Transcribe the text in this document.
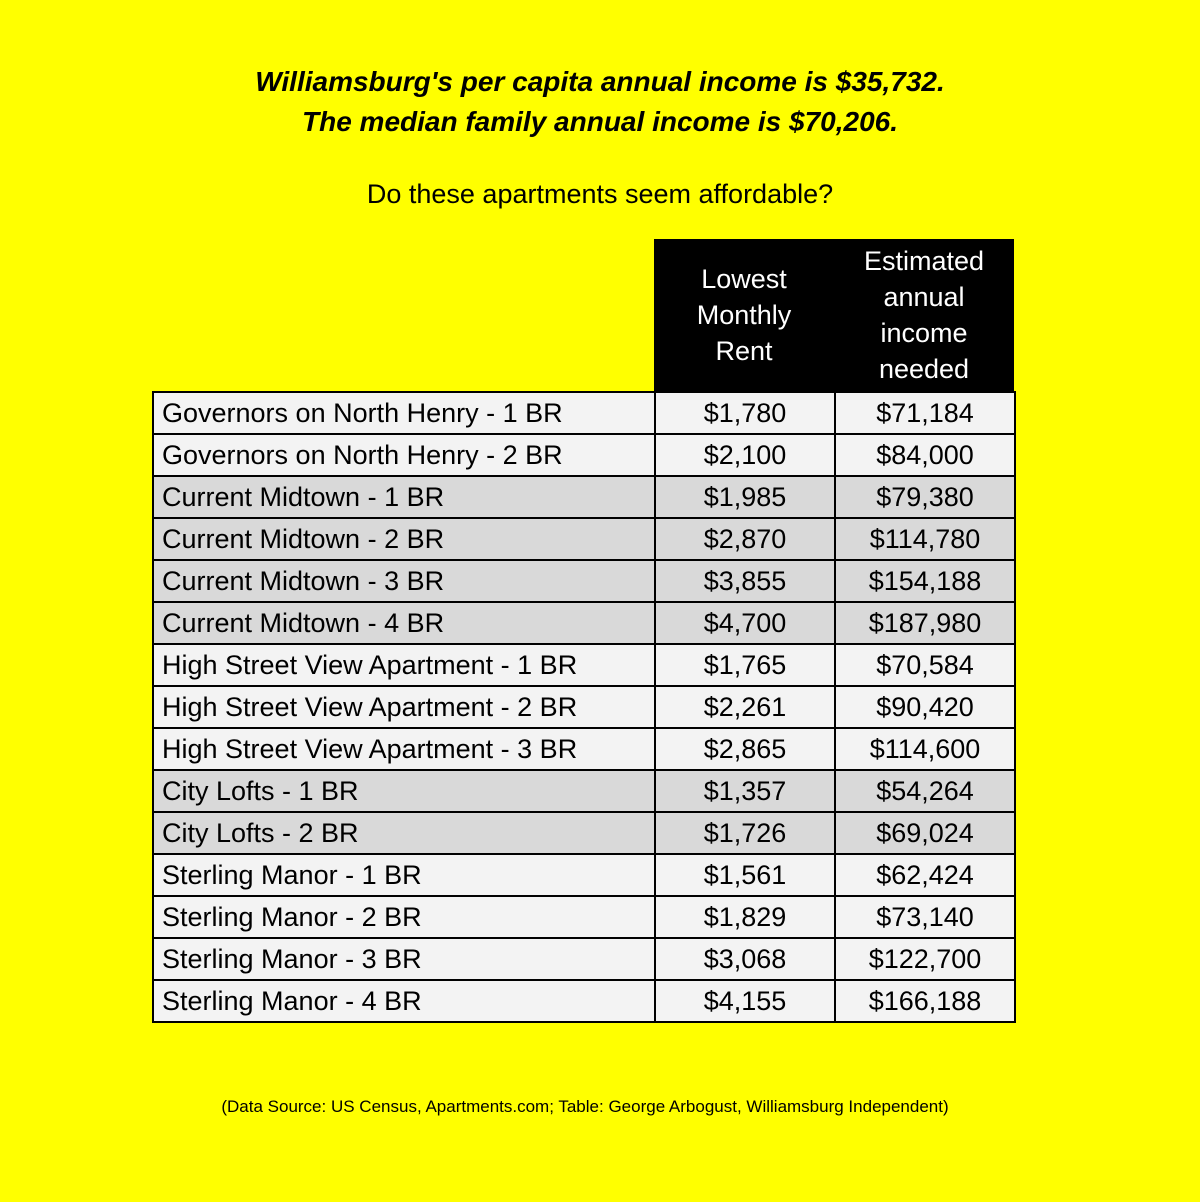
Williamsburg's per capita annual income is $35,732.
The median family annual income is $70,206.
Do these apartments seem affordable?
Lowest
Monthly
Rent
Estimated
annual
income
needed
Governors on North Henry - 1 BR	$1,780	$71,184
Governors on North Henry - 2 BR	$2,100	$84,000
Current Midtown - 1 BR	$1,985	$79,380
Current Midtown - 2 BR	$2,870	$114,780
Current Midtown - 3 BR	$3,855	$154,188
Current Midtown - 4 BR	$4,700	$187,980
High Street View Apartment - 1 BR	$1,765	$70,584
High Street View Apartment - 2 BR	$2,261	$90,420
High Street View Apartment - 3 BR	$2,865	$114,600
City Lofts - 1 BR	$1,357	$54,264
City Lofts - 2 BR	$1,726	$69,024
Sterling Manor - 1 BR	$1,561	$62,424
Sterling Manor - 2 BR	$1,829	$73,140
Sterling Manor - 3 BR	$3,068	$122,700
Sterling Manor - 4 BR	$4,155	$166,188
(Data Source: US Census, Apartments.com; Table: George Arbogust, Williamsburg Independent)
